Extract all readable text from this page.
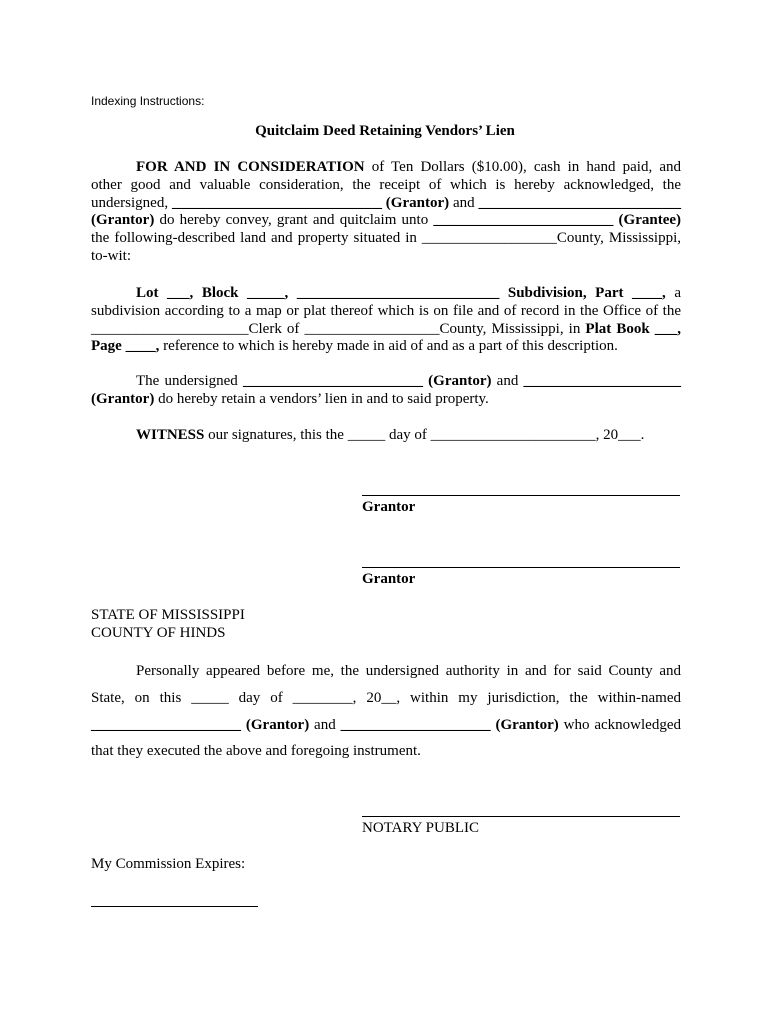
Indexing Instructions:
Quitclaim Deed Retaining Vendors’ Lien
FOR AND IN CONSIDERATION of Ten Dollars ($10.00), cash in hand paid, and
other good and valuable consideration, the receipt of which is hereby acknowledged, the
undersigned, ____________________________ (Grantor) and ___________________________
(Grantor) do hereby convey, grant and quitclaim unto ________________________ (Grantee)
the following-described land and property situated in __________________County, Mississippi,
to-wit:
Lot ___, Block _____, ___________________________ Subdivision, Part ____, a
subdivision according to a map or plat thereof which is on file and of record in the Office of the
_____________________Clerk of __________________County, Mississippi, in Plat Book ___,
Page ____, reference to which is hereby made in aid of and as a part of this description.
The undersigned ________________________ (Grantor) and _____________________
(Grantor) do hereby retain a vendors’ lien in and to said property.
WITNESS our signatures, this the _____ day of ______________________, 20___.
Grantor
Grantor
STATE OF MISSISSIPPI
COUNTY OF HINDS
Personally appeared before me, the undersigned authority in and for said County and
State, on this _____ day of ________, 20__, within my jurisdiction, the within-named
____________________ (Grantor) and ____________________ (Grantor) who acknowledged
that they executed the above and foregoing instrument.
NOTARY PUBLIC
My Commission Expires:
